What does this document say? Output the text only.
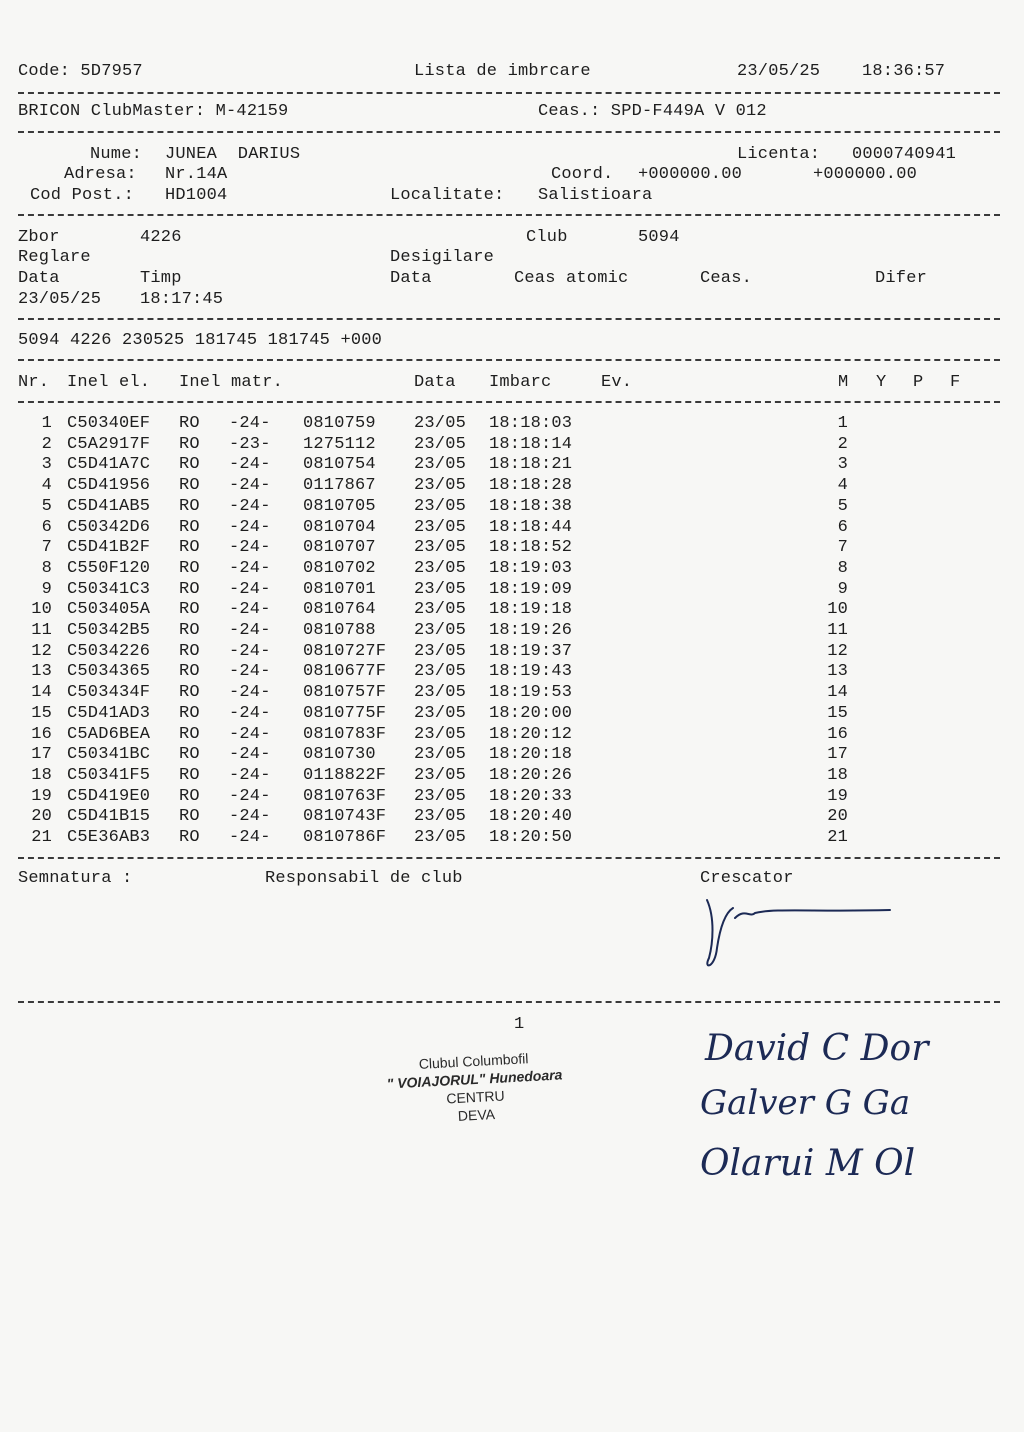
Code: 5D7957	Lista de imbrcare	23/05/25 18:36:57
BRICON ClubMaster: M-42159	Ceas.: SPD-F449A V 012
Nume: JUNEA  DARIUS	Licenta: 0000740941
Adresa: Nr.14A	Coord. +000000.00	+000000.00
Cod Post.: HD1004	Localitate: Salistioara
Zbor	4226	Club	5094
Reglare	Desigilare
Data	Timp	Data	Ceas atomic	Ceas.	Difer
23/05/25 18:17:45
5094 4226 230525 181745 181745 +000
Nr. Inel el. Inel matr.	Data Imbarc	Ev.	M Y P F
1 C50340EF RO -24- 0810759 23/05 18:18:03	1
2 C5A2917F RO -23- 1275112 23/05 18:18:14	2
3 C5D41A7C RO -24- 0810754 23/05 18:18:21	3
4 C5D41956 RO -24- 0117867 23/05 18:18:28	4
5 C5D41AB5 RO -24- 0810705 23/05 18:18:38	5
6 C50342D6 RO -24- 0810704 23/05 18:18:44	6
7 C5D41B2F RO -24- 0810707 23/05 18:18:52	7
8 C550F120 RO -24- 0810702 23/05 18:19:03	8
9 C50341C3 RO -24- 0810701 23/05 18:19:09	9
10 C503405A RO -24- 0810764 23/05 18:19:18	10
11 C50342B5 RO -24- 0810788 23/05 18:19:26	11
12 C5034226 RO -24- 0810727F 23/05 18:19:37	12
13 C5034365 RO -24- 0810677F 23/05 18:19:43	13
14 C503434F RO -24- 0810757F 23/05 18:19:53	14
15 C5D41AD3 RO -24- 0810775F 23/05 18:20:00	15
16 C5AD6BEA RO -24- 0810783F 23/05 18:20:12	16
17 C50341BC RO -24- 0810730 23/05 18:20:18	17
18 C50341F5 RO -24- 0118822F 23/05 18:20:26	18
19 C5D419E0 RO -24- 0810763F 23/05 18:20:33	19
20 C5D41B15 RO -24- 0810743F 23/05 18:20:40	20
21 C5E36AB3 RO -24- 0810786F 23/05 18:20:50	21
Semnatura :	Responsabil de club	Crescator
1
Clubul Columbofil
" VOIAJORUL" Hunedoara
CENTRU
DEVA
David C Dor
Galver G Ga
Olarui M Ol
